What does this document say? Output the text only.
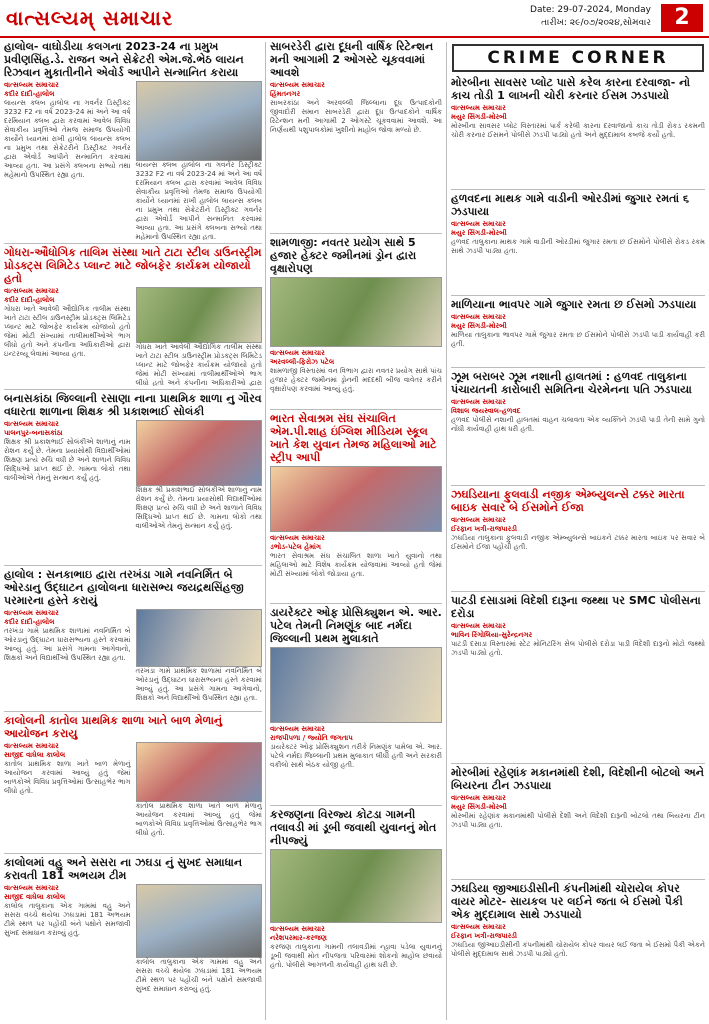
વાત્સલ્યમ્ સમાચાર	Date: 29-07-2024, Monday
તારીખ: ૨૯/૦૭/૨૦૨૪,સોમવાર	2
હાલોલ- વાઘોડીયા કલગના 2023-24 ના પ્રમુખ પ્રવીણસિંહ.ડે. રાજન અને સેક્રેટરી એમ.જે.ભેઠ લાયન રિઝવાન મુકાતીનીને એવોર્ડ આપીને સન્માનિત કરાયા
વાત્સલ્યમ સમાચાર
કદીર દાદી-હાલોલ
લાયન્સ ક્લબ હાલોલ ના ગવર્નર ડિસ્ટ્રીક્ટ 3232 F2 ના વર્ષ 2023-24 માં અને આ વર્ષ દરમિયાન ક્લબ દ્વારા કરવામાં આવેલ વિવિધ સેવાકીય પ્રવૃત્તિઓ તેમજ સમાજ ઉપયોગી કાર્યોને ધ્યાનમાં રાખી હાલોલ લાયન્સ ક્લબ ના પ્રમુખ તથા સેક્રેટરીને ડિસ્ટ્રીક્ટ ગવર્નર દ્વારા એવોર્ડ આપીને સન્માનિત કરવામાં આવ્યા હતા. આ પ્રસંગે ક્લબના સભ્યો તથા મહેમાનો ઉપસ્થિત રહ્યા હતા.
લાયન્સ ક્લબ હાલોલ ના ગવર્નર ડિસ્ટ્રીક્ટ 3232 F2 ના વર્ષ 2023-24 માં અને આ વર્ષ દરમિયાન ક્લબ દ્વારા કરવામાં આવેલ વિવિધ સેવાકીય પ્રવૃત્તિઓ તેમજ સમાજ ઉપયોગી કાર્યોને ધ્યાનમાં રાખી હાલોલ લાયન્સ ક્લબ ના પ્રમુખ તથા સેક્રેટરીને ડિસ્ટ્રીક્ટ ગવર્નર દ્વારા એવોર્ડ આપીને સન્માનિત કરવામાં આવ્યા હતા. આ પ્રસંગે ક્લબના સભ્યો તથા મહેમાનો ઉપસ્થિત રહ્યા હતા.
ગોધરા-ઔધોગિક તાલિમ સંસ્થા ખાતે ટાટા સ્ટીલ ડાઉનસ્ટ્રીમ પ્રોડક્ટ્સ લિમિટેડ પ્લાન્ટ માટે જોબફેર કાર્યક્રમ યોજાયો હતો
વાત્સલ્યમ સમાચાર
કદીર દાદી-હાલોલ
ગોધરા ખાતે આવેલી ઔદ્યોગિક તાલીમ સંસ્થા ખાતે ટાટા સ્ટીલ ડાઉનસ્ટ્રીમ પ્રોડક્ટ્સ લિમિટેડ પ્લાન્ટ માટે જોબફેર કાર્યક્રમ યોજાયો હતો જેમાં મોટી સંખ્યામાં તાલીમાર્થીઓએ ભાગ લીધો હતો અને કંપનીના અધિકારીઓ દ્વારા ઇન્ટરવ્યૂ લેવામાં આવ્યા હતા.
ગોધરા ખાતે આવેલી ઔદ્યોગિક તાલીમ સંસ્થા ખાતે ટાટા સ્ટીલ ડાઉનસ્ટ્રીમ પ્રોડક્ટ્સ લિમિટેડ પ્લાન્ટ માટે જોબફેર કાર્યક્રમ યોજાયો હતો જેમાં મોટી સંખ્યામાં તાલીમાર્થીઓએ ભાગ લીધો હતો અને કંપનીના અધિકારીઓ દ્વારા
બનાસકાંઠા જિલ્લાની રસાણા નાના પ્રાથમિક શાળા નુ ગૌરવ વધારતા શાળાના શિક્ષક શ્રી પ્રકાશભાઈ સોલંકી
વાત્સલ્યમ સમાચાર
પાલનપુર-બનાસકાંઠા
શિક્ષક શ્રી પ્રકાશભાઈ સોલંકીએ શાળાનું નામ રોશન કર્યું છે. તેમના પ્રયાસોથી વિદ્યાર્થીઓમાં શિક્ષણ પ્રત્યે રુચિ વધી છે અને શાળાને વિવિધ સિદ્ધિઓ પ્રાપ્ત થઈ છે. ગામના લોકો તથા વાલીઓએ તેમનું સન્માન કર્યું હતું.
શિક્ષક શ્રી પ્રકાશભાઈ સોલંકીએ શાળાનું નામ રોશન કર્યું છે. તેમના પ્રયાસોથી વિદ્યાર્થીઓમાં શિક્ષણ પ્રત્યે રુચિ વધી છે અને શાળાને વિવિધ સિદ્ધિઓ પ્રાપ્ત થઈ છે. ગામના લોકો તથા વાલીઓએ તેમનું સન્માન કર્યું હતું.
હાલોલ : સનકાભાઇ દ્વારા તરખંડા ગામે નવનિર્મિત બે ઓરડાનુ ઉદ્ઘાટન હાલોલના ધારાસભ્ય જયદ્રથસિંહજી પરમારના હસ્તે કરાયું
વાત્સલ્યમ સમાચાર
કદીર દાદી-હાલોલ
તરખંડા ગામે પ્રાથમિક શાળામાં નવનિર્મિત બે ઓરડાનું ઉદ્ઘાટન ધારાસભ્યના હસ્તે કરવામાં આવ્યું હતું. આ પ્રસંગે ગામના આગેવાનો, શિક્ષકો અને વિદ્યાર્થીઓ ઉપસ્થિત રહ્યા હતા.
તરખંડા ગામે પ્રાથમિક શાળામાં નવનિર્મિત બે ઓરડાનું ઉદ્ઘાટન ધારાસભ્યના હસ્તે કરવામાં આવ્યું હતું. આ પ્રસંગે ગામના આગેવાનો, શિક્ષકો અને વિદ્યાર્થીઓ ઉપસ્થિત રહ્યા હતા.
કાલોલની કાતોલ પ્રાથમિક શાળા ખાતે બાળ મેળાનું આયોજન કરાયુ
વાત્સલ્યમ સમાચાર
સાજીદ વાઘેલા કાલોલ
કાતોલ પ્રાથમિક શાળા ખાતે બાળ મેળાનું આયોજન કરવામાં આવ્યું હતું જેમાં બાળકોએ વિવિધ પ્રવૃત્તિઓમાં ઉત્સાહભેર ભાગ લીધો હતો.
કાતોલ પ્રાથમિક શાળા ખાતે બાળ મેળાનું આયોજન કરવામાં આવ્યું હતું જેમાં બાળકોએ વિવિધ પ્રવૃત્તિઓમાં ઉત્સાહભેર ભાગ લીધો હતો.
કાલોલમાં વહુ અને સસરા ના ઝઘડા નું સુખદ સમાધાન કરાવતી 181 અભયમ ટીમ
વાત્સલ્યમ સમાચાર
સાજીદ વાઘેલા કાલોલ
કાલોલ તાલુકાના એક ગામમાં વહુ અને સસરા વચ્ચે થયેલા ઝઘડામાં 181 અભયમ ટીમે સ્થળ પર પહોંચી બંને પક્ષોને સમજાવી સુખદ સમાધાન કરાવ્યું હતું.
કાલોલ તાલુકાના એક ગામમાં વહુ અને સસરા વચ્ચે થયેલા ઝઘડામાં 181 અભયમ ટીમે સ્થળ પર પહોંચી બંને પક્ષોને સમજાવી સુખદ સમાધાન કરાવ્યું હતું.
સાબરડેરી દ્વારા દૂધની વાર્ષિક રિટેન્શન મની આગામી 2 ઓગસ્ટે ચૂકવવામાં આવશે
વાત્સલ્યમ સમાચાર
હિંમતનગર
સાબરકાંઠા અને અરવલ્લી જિલ્લાના દૂધ ઉત્પાદકોની જીવાદોરી સમાન સાબરડેરી દ્વારા દૂધ ઉત્પાદકોને વાર્ષિક રિટેન્શન મની આગામી 2 ઓગસ્ટે ચૂકવવામાં આવશે. આ નિર્ણયથી પશુપાલકોમાં ખુશીનો માહોલ જોવા મળ્યો છે.
શામળાજી: નવતર પ્રયોગ સાથે 5 હજાર હેક્ટર જમીનમાં ડ્રોન દ્વારા વૃક્ષારોપણ
વાત્સલ્યમ સમાચાર
અરવલ્લી-ફિરોઝ પટેલ
શામળાજી વિસ્તારમાં વન વિભાગ દ્વારા નવતર પ્રયોગ સાથે પાંચ હજાર હેક્ટર જમીનમાં ડ્રોનની મદદથી બીજ વાવેતર કરીને વૃક્ષારોપણ કરવામાં આવ્યું હતું.
ભારત સેવાશ્રમ સંઘ સંચાલિત એમ.પી.શાહ ઇંગ્લિશ મીડિયમ સ્કૂલ ખાતે કેશ યુવાન તેમજ મહિલાઓ માટે સ્ટ્રીપ આપી
વાત્સલ્યમ સમાચાર
ડભોડ-પટેલ હેમાંગ
ભારત સેવાશ્રમ સંઘ સંચાલિત શાળા ખાતે યુવાનો તથા મહિલાઓ માટે વિશેષ કાર્યક્રમ યોજવામાં આવ્યો હતો જેમાં મોટી સંખ્યામાં લોકો જોડાયા હતા.
ડાયરેક્ટર ઓફ પ્રોસિક્યુશન એ. આર. પટેલ તેમની નિમણૂંક બાદ નર્મદા જિલ્લાની પ્રથમ મુલાકાતે
વાત્સલ્યમ સમાચાર
રાજપીપળા / જ્યોતિ જગતાપ
ડાયરેક્ટર ઓફ પ્રોસિક્યુશન તરીકે નિમણૂંક પામેલા એ. આર. પટેલે નર્મદા જિલ્લાની પ્રથમ મુલાકાત લીધી હતી અને સરકારી વકીલો સાથે બેઠક યોજી હતી.
કરજણના વિરજ્ય કોટડા ગામની તલાવડી માં ડૂબી જવાથી યુવાનનું મોત નીપજ્યું
વાત્સલ્યમ સમાચાર
નરેશપરમાર-કરજણ
કરજણ તાલુકાના ગામની તલાવડીમાં ન્હાવા પડેલા યુવાનનું ડૂબી જવાથી મોત નીપજતા પરિવારમાં શોકનો માહોલ છવાયો હતો. પોલીસે આગળની કાર્યવાહી હાથ ધરી છે.
CRIME CORNER
મોરબીના સાવસર પ્લોટ પાસે કરેલ કારના દરવાજા- નો કાચ તોડી 1 લાખની ચોરી કરનાર ઈસમ ઝડપાયો
વાત્સલ્યમ સમાચાર
મયુર સિંગડી-મોરબી
મોરબીના સાવસર પ્લોટ વિસ્તારમાં પાર્ક કરેલી કારના દરવાજાનો કાચ તોડી રોકડ રકમની ચોરી કરનાર ઈસમને પોલીસે ઝડપી પાડ્યો હતો અને મુદ્દામાલ કબજે કર્યો હતો.
હળવદના માથક ગામે વાડીની ઓરડીમાં જુગાર રમતાં ૬ ઝડપાયા
વાત્સલ્યમ સમાચાર
મયુર સિંગડી-મોરબી
હળવદ તાલુકાના માથક ગામે વાડીની ઓરડીમાં જુગાર રમતા છ ઈસમોને પોલીસે રોકડ રકમ સાથે ઝડપી પાડ્યા હતા.
માળિયાના ભાવપર ગામે જુગાર રમતા છ ઈસમો ઝડપાયા
વાત્સલ્યમ સમાચાર
મયુર સિંગડી-મોરબી
માળિયા તાલુકાના ભાવપર ગામે જુગાર રમતા છ ઈસમોને પોલીસે ઝડપી પાડી કાર્યવાહી કરી હતી.
ઝૂમ બરાબર ઝૂમ નશાની હાલતમાં : હળવદ તાલુકાના પંચાયતની કારોબારી સમિતિના ચેરમેનના પતિ ઝડપાયા
વાત્સલ્યમ સમાચાર
વિશાલ જયસ્વાલ-હળવદ
હળવદ પોલીસે નશાની હાલતમાં વાહન ચલાવતા એક વ્યક્તિને ઝડપી પાડી તેની સામે ગુનો નોંધી કાર્યવાહી હાથ ધરી હતી.
ઝઘડિયાના ફુલવાડી નજીક એમ્બ્યુલન્સે ટક્કર મારતા બાઇક સવાર બે ઈસમોને ઈજા
વાત્સલ્યમ સમાચાર
ઈરફાન ખત્રી-રાજપારડી
ઝઘડિયા તાલુકાના ફુલવાડી નજીક એમ્બ્યુલન્સે બાઇકને ટક્કર મારતા બાઇક પર સવાર બે ઈસમોને ઈજા પહોંચી હતી.
પાટડી દસાડામાં વિદેશી દારૂના જથ્થા પર SMC પોલીસના દરોડા
વાત્સલ્યમ સમાચાર
ભાવિન રિંગોલિયા-સુરેન્દ્રનગર
પાટડી દસાડા વિસ્તારમાં સ્ટેટ મોનિટરિંગ સેલ પોલીસે દરોડા પાડી વિદેશી દારૂનો મોટો જથ્થો ઝડપી પાડ્યો હતો.
મોરબીમાં રહેણાંક મકાનમાંથી દેશી, વિદેશીની બોટલો અને બિયરના ટીન ઝડપાયા
વાત્સલ્યમ સમાચાર
મયુર સિંગડી-મોરબી
મોરબીમાં રહેણાંક મકાનમાંથી પોલીસે દેશી અને વિદેશી દારૂની બોટલો તથા બિયરના ટીન ઝડપી પાડ્યા હતા.
ઝઘડિયા જીઆઇડીસીની કંપનીમાંથી ચોરાયેલ કોપર વાયર મોટર- સાયકલ પર લઈને જતા બે ઈસમો પૈકી એક મુદ્દામાલ સાથે ઝડપાયો
વાત્સલ્યમ સમાચાર
ઈરફાન ખત્રી-રાજપારડી
ઝઘડિયા જીઆઇડીસીની કંપનીમાંથી ચોરાયેલ કોપર વાયર લઈ જતા બે ઈસમો પૈકી એકને પોલીસે મુદ્દામાલ સાથે ઝડપી પાડ્યો હતો.
